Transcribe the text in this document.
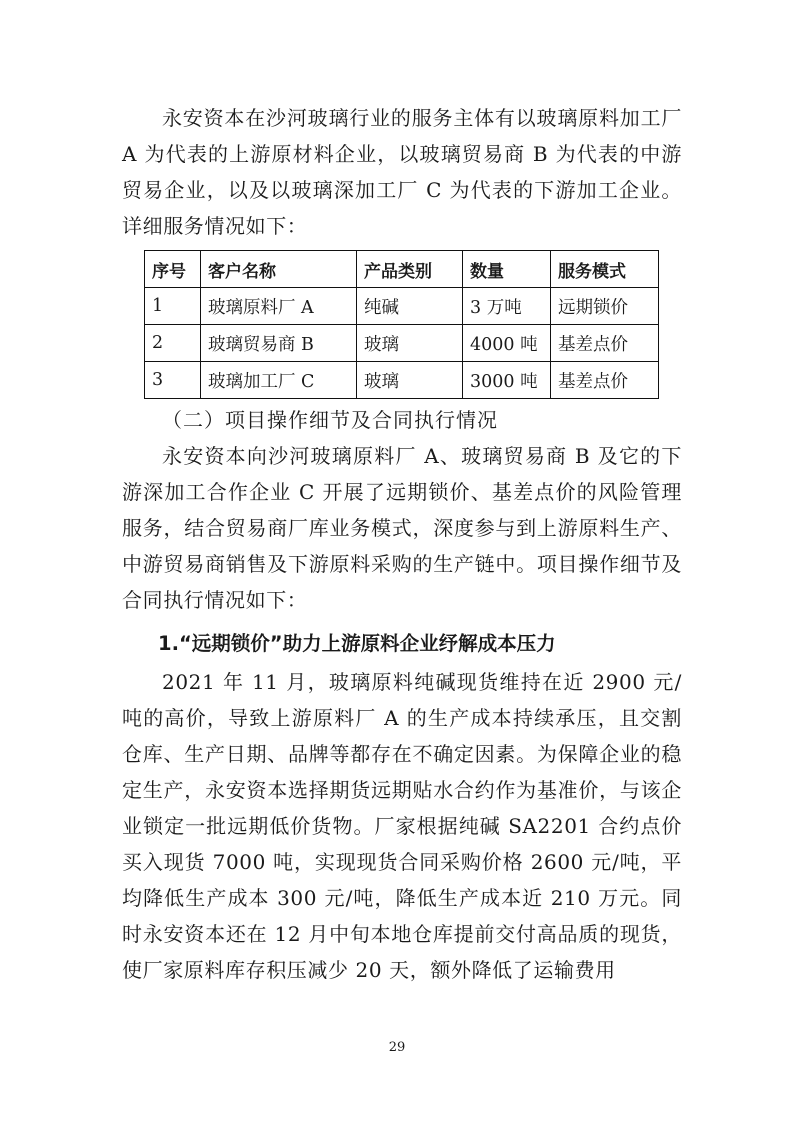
永安资本在沙河玻璃行业的服务主体有以玻璃原料加工厂 A 为代表的上游原材料企业，以玻璃贸易商 B 为代表的中游贸易企业，以及以玻璃深加工厂 C 为代表的下游加工企业。详细服务情况如下：

序号	客户名称	产品类别	数量	服务模式
1	玻璃原料厂 A	纯碱	3 万吨	远期锁价
2	玻璃贸易商 B	玻璃	4000 吨	基差点价
3	玻璃加工厂 C	玻璃	3000 吨	基差点价

（二）项目操作细节及合同执行情况

永安资本向沙河玻璃原料厂 A、玻璃贸易商 B 及它的下游深加工合作企业 C 开展了远期锁价、基差点价的风险管理服务，结合贸易商厂库业务模式，深度参与到上游原料生产、中游贸易商销售及下游原料采购的生产链中。项目操作细节及合同执行情况如下：

1.“远期锁价”助力上游原料企业纾解成本压力

2021 年 11 月，玻璃原料纯碱现货维持在近 2900 元/吨的高价，导致上游原料厂 A 的生产成本持续承压，且交割仓库、生产日期、品牌等都存在不确定因素。为保障企业的稳定生产，永安资本选择期货远期贴水合约作为基准价，与该企业锁定一批远期低价货物。厂家根据纯碱 SA2201 合约点价买入现货 7000 吨，实现现货合同采购价格 2600 元/吨，平均降低生产成本 300 元/吨，降低生产成本近 210 万元。同时永安资本还在 12 月中旬本地仓库提前交付高品质的现货，使厂家原料库存积压减少 20 天，额外降低了运输费用

29
